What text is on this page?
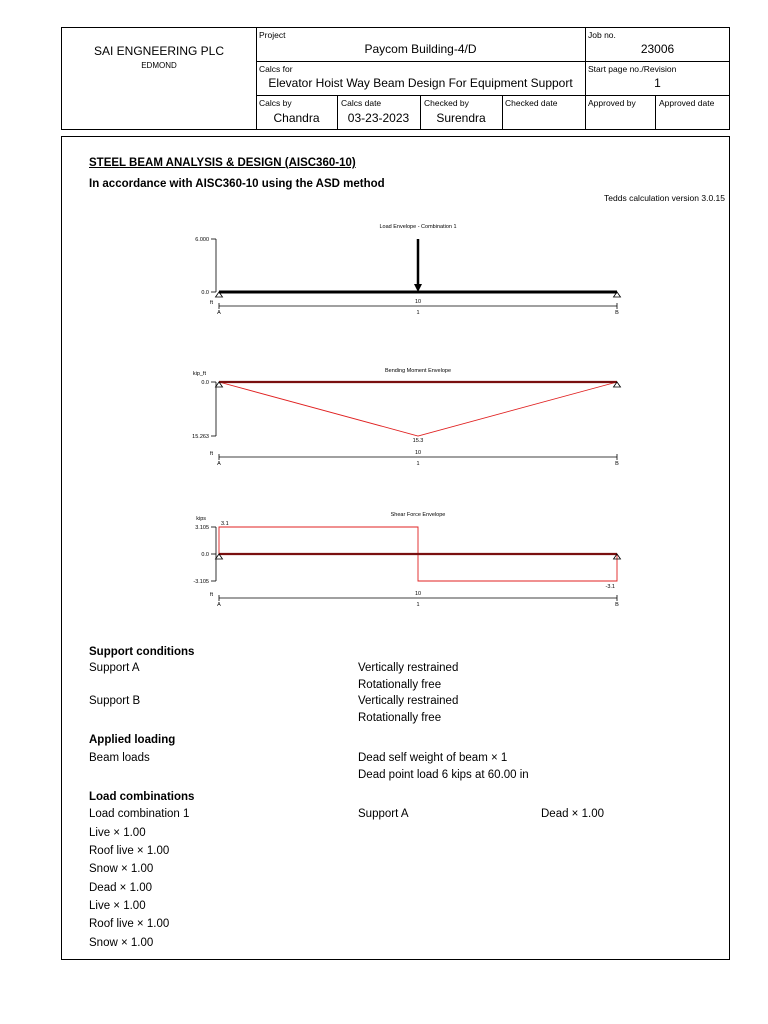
SAI ENGNEERING PLC
EDMOND
Project
Paycom Building-4/D
Job no.
23006
Calcs for
Elevator Hoist Way Beam Design For Equipment Support
Start page no./Revision
1
Calcs by
Chandra
Calcs date
03-23-2023
Checked by
Surendra
Checked date	Approved by	Approved date
STEEL BEAM ANALYSIS & DESIGN (AISC360-10)
In accordance with AISC360-10 using the ASD method
Tedds calculation version 3.0.15
Load Envelope - Combination 1
6.000
0.0
ft	10
1
A	B
Bending Moment Envelope
kip_ft
0.0
15.263
15.3
ft	10
1
A	B
Shear Force Envelope
kips
3.105
0.0
-3.105
3.1
-3.1
ft	10
1
A	B
Support conditions
Support A	Vertically restrained
Rotationally free
Support B	Vertically restrained
Rotationally free
Applied loading
Beam loads	Dead self weight of beam × 1
Dead point load 6 kips at 60.00 in
Load combinations
Load combination 1	Support A	Dead × 1.00
Live × 1.00
Roof live × 1.00
Snow × 1.00
Dead × 1.00
Live × 1.00
Roof live × 1.00
Snow × 1.00
